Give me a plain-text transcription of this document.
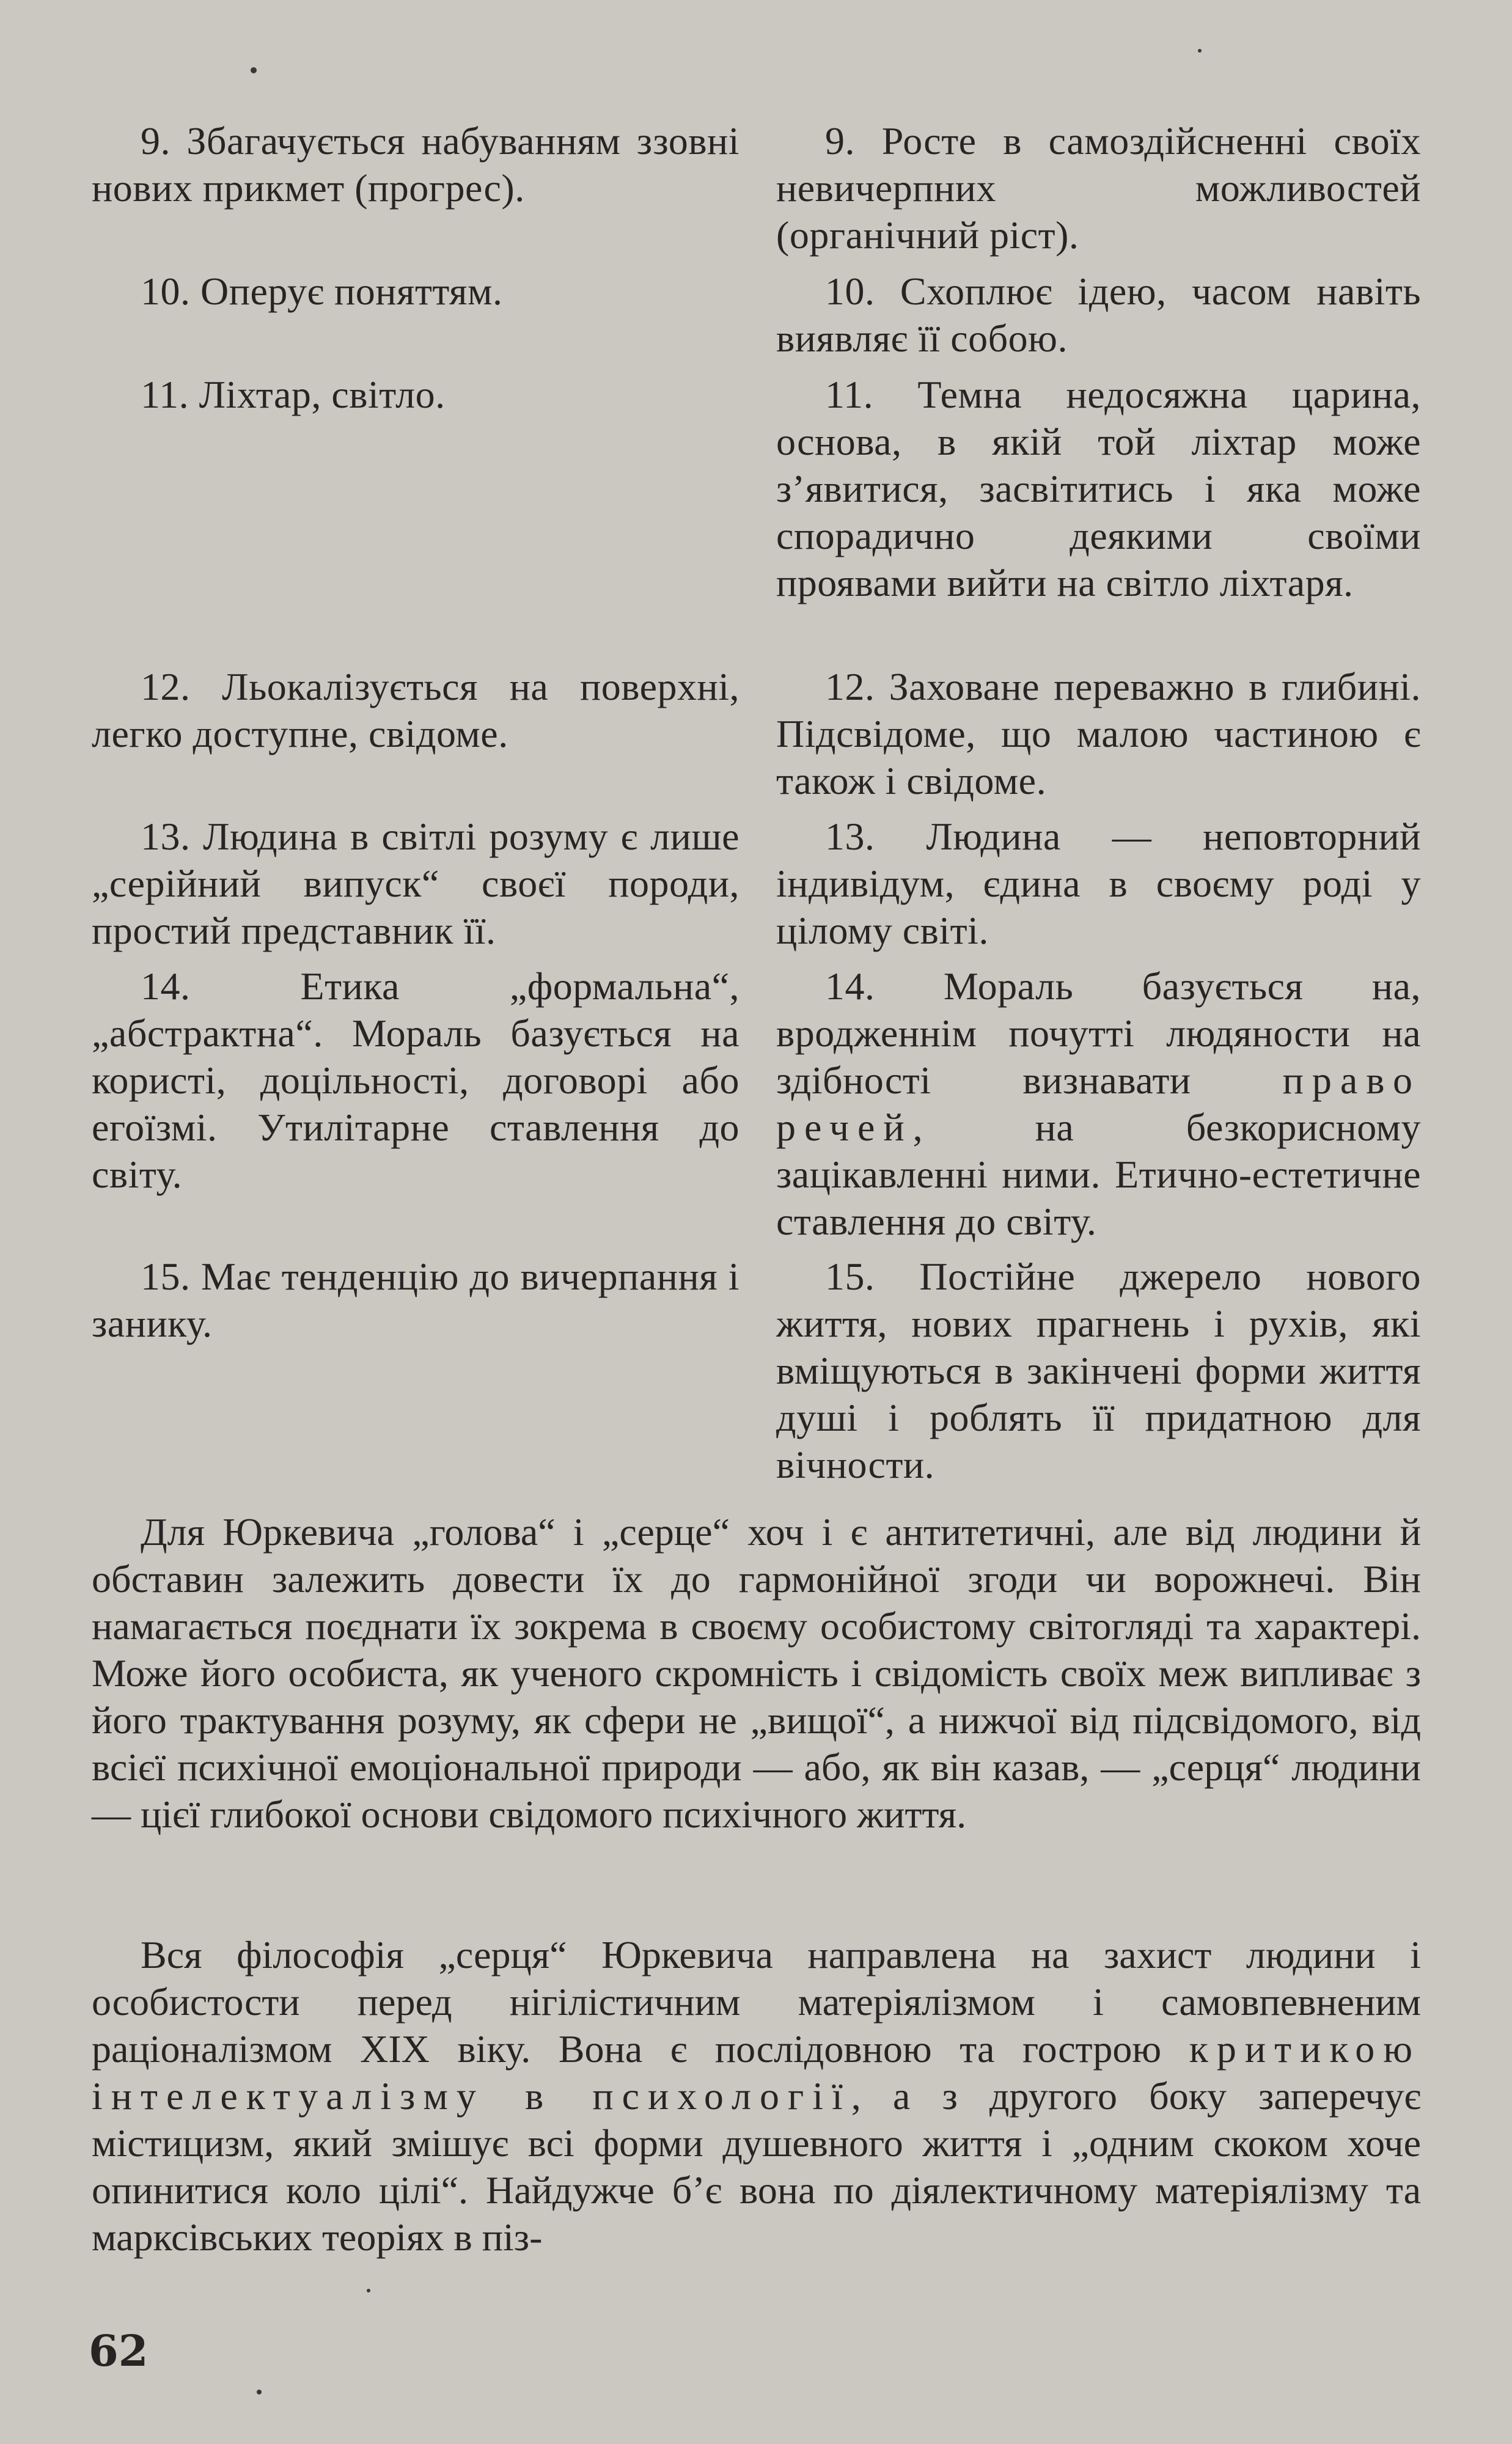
9. Збагачується набуванням ззовні нових прикмет (прогрес).
9. Росте в самоздійсненні своїх невичерпних можливостей (органічний ріст).
10. Оперує поняттям.	10. Схоплює ідею, часом навіть виявляє її собою.
11. Ліхтар, світло.	11. Темна недосяжна царина, основа, в якій той ліхтар може з’явитися, засвітитись і яка може спорадично деякими своїми проявами вийти на світло ліхтаря.
12. Льокалізується на поверхні, легко доступне, свідоме.
12. Заховане переважно в глибині. Підсвідоме, що малою частиною є також і свідоме.
13. Людина в світлі розуму є лише „серійний випуск“ своєї породи, простий представник її.
13. Людина — неповторний індивідум, єдина в своєму роді у цілому світі.
14. Етика „формальна“, „абстрактна“. Мораль базується на користі, доцільності, договорі або егоїзмі. Утилітарне ставлення до світу.
14. Мораль базується на, вродженнім почутті людяности на здібності визнавати право речей, на безкорисному зацікавленні ними. Етично-естетичне ставлення до світу.
15. Має тенденцію до вичерпання і занику.
15. Постійне джерело нового життя, нових прагнень і рухів, які вміщуються в закінчені форми життя душі і роблять її придатною для вічности.

Для Юркевича „голова“ і „серце“ хоч і є антитетичні, але від людини й обставин залежить довести їх до гармонійної згоди чи ворожнечі. Він намагається поєднати їх зокрема в своєму особистому світогляді та характері. Може його особиста, як ученого скромність і свідомість своїх меж випливає з його трактування розуму, як сфери не „вищої“, а нижчої від підсвідомого, від всієї психічної емоціональної природи — або, як він казав, — „серця“ людини — цієї глибокої основи свідомого психічного життя.

Вся філософія „серця“ Юркевича направлена на захист людини і особистости перед нігілістичним матеріялізмом і самовпевненим раціоналізмом XIX віку. Вона є послідовною та гострою критикою інтелектуалізму в психології, а з другого боку заперечує містицизм, який змішує всі форми душевного життя і „одним скоком хоче опинитися коло цілі“. Найдужче б’є вона по діялектичному матеріялізму та марксівських теоріях в піз-

62
